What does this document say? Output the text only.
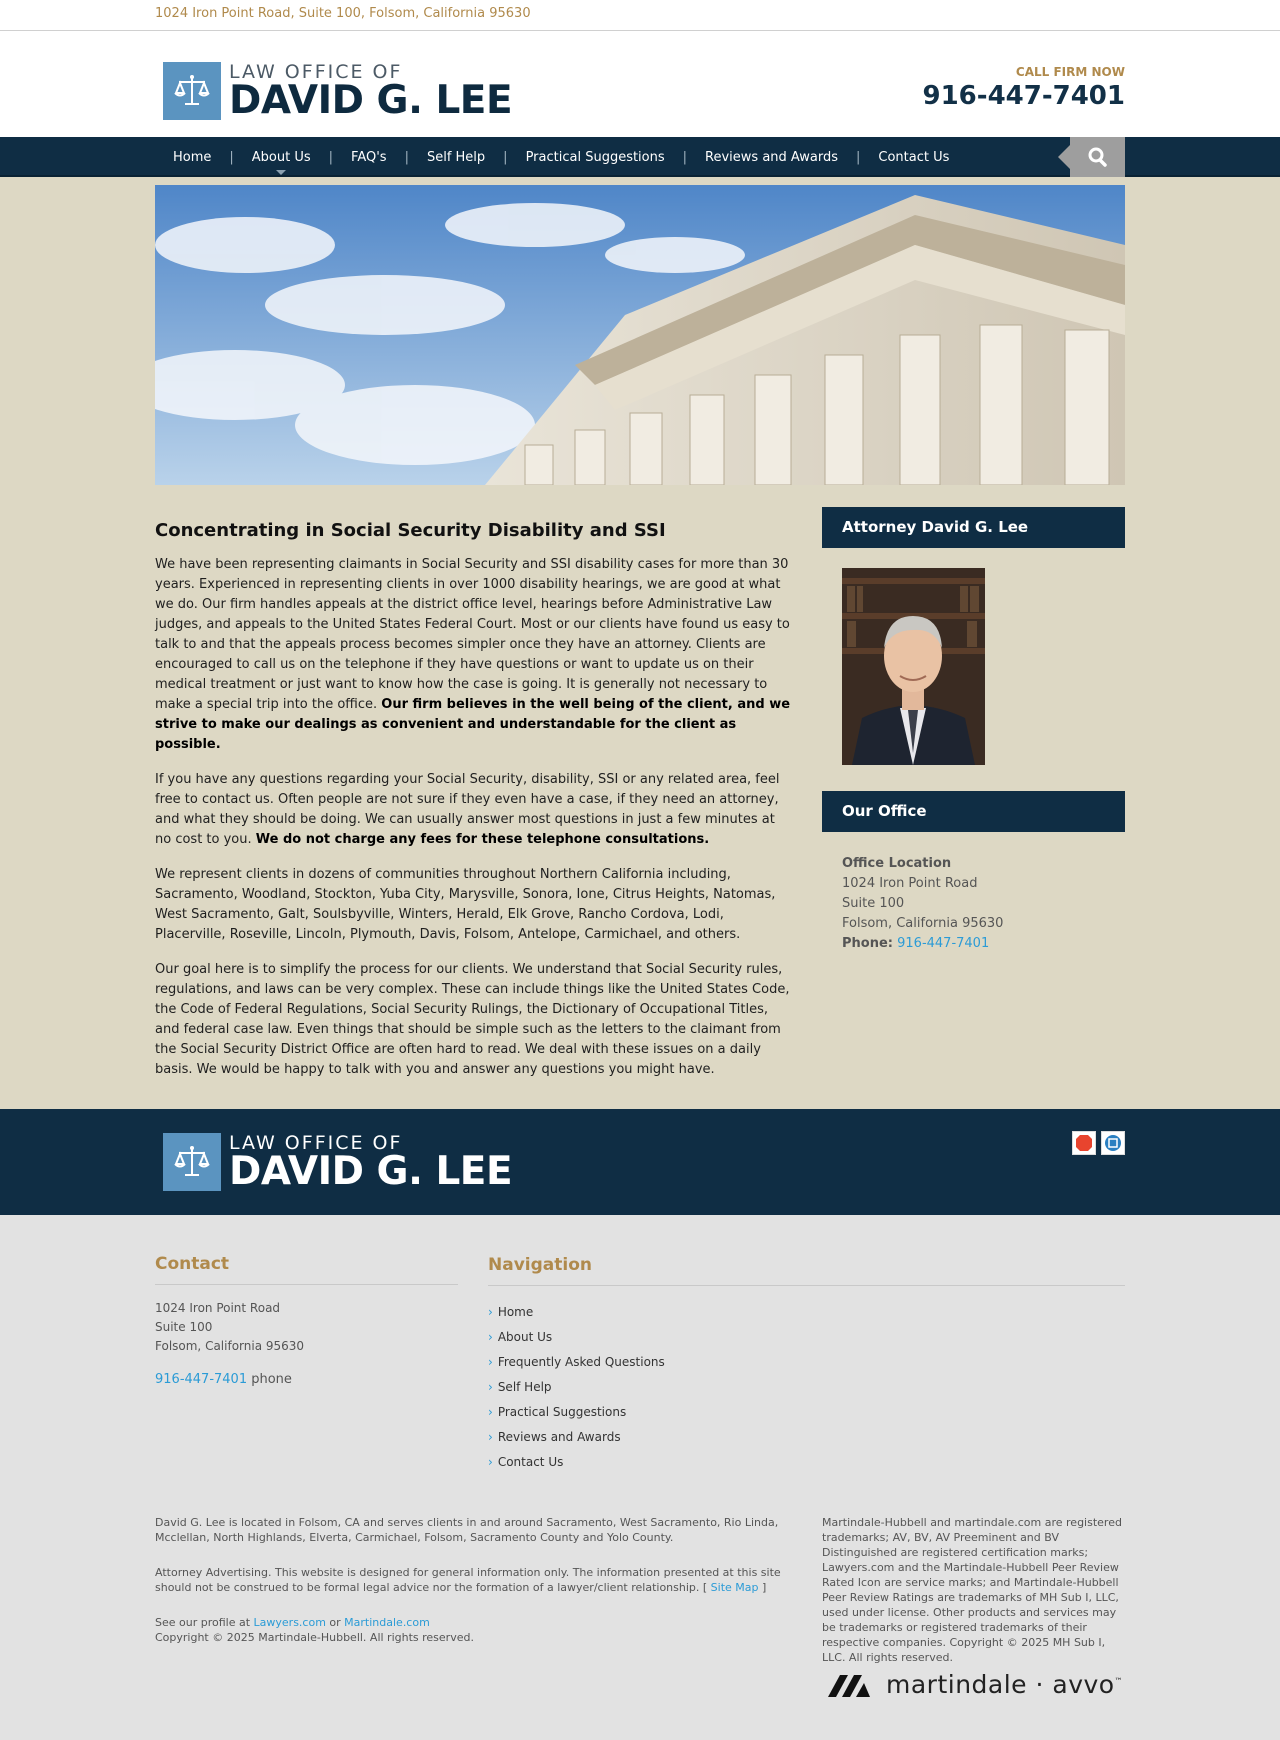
1024 Iron Point Road, Suite 100, Folsom, California 95630
LAW OFFICE OF
DAVID G. LEE
CALL FIRM NOW
916-447-7401
Home	|	About Us	|	FAQ's	|	Self Help	|	Practical Suggestions	|	Reviews and Awards	|	Contact Us
Concentrating in Social Security Disability and SSI

We have been representing claimants in Social Security and SSI disability cases for more than 30 years. Experienced in representing clients in over 1000 disability hearings, we are good at what we do. Our firm handles appeals at the district office level, hearings before Administrative Law judges, and appeals to the United States Federal Court. Most or our clients have found us easy to talk to and that the appeals process becomes simpler once they have an attorney. Clients are encouraged to call us on the telephone if they have questions or want to update us on their medical treatment or just want to know how the case is going. It is generally not necessary to make a special trip into the office. Our firm believes in the well being of the client, and we strive to make our dealings as convenient and understandable for the client as possible.

If you have any questions regarding your Social Security, disability, SSI or any related area, feel free to contact us. Often people are not sure if they even have a case, if they need an attorney, and what they should be doing. We can usually answer most questions in just a few minutes at no cost to you. We do not charge any fees for these telephone consultations.

We represent clients in dozens of communities throughout Northern California including, Sacramento, Woodland, Stockton, Yuba City, Marysville, Sonora, Ione, Citrus Heights, Natomas, West Sacramento, Galt, Soulsbyville, Winters, Herald, Elk Grove, Rancho Cordova, Lodi, Placerville, Roseville, Lincoln, Plymouth, Davis, Folsom, Antelope, Carmichael, and others.

Our goal here is to simplify the process for our clients. We understand that Social Security rules, regulations, and laws can be very complex. These can include things like the United States Code, the Code of Federal Regulations, Social Security Rulings, the Dictionary of Occupational Titles, and federal case law. Even things that should be simple such as the letters to the claimant from the Social Security District Office are often hard to read. We deal with these issues on a daily basis. We would be happy to talk with you and answer any questions you might have.

Attorney David G. Lee
Our Office
Office Location
1024 Iron Point Road
Suite 100
Folsom, California 95630
Phone: 916-447-7401
LAW OFFICE OF
DAVID G. LEE
Contact
1024 Iron Point Road
Suite 100
Folsom, California 95630
916-447-7401 phone
Navigation
› Home
› About Us
› Frequently Asked Questions
› Self Help
› Practical Suggestions
› Reviews and Awards
› Contact Us

David G. Lee is located in Folsom, CA and serves clients in and around Sacramento, West Sacramento, Rio Linda, Mcclellan, North Highlands, Elverta, Carmichael, Folsom, Sacramento County and Yolo County.

Attorney Advertising. This website is designed for general information only. The information presented at this site should not be construed to be formal legal advice nor the formation of a lawyer/client relationship. [ Site Map ]

See our profile at Lawyers.com or Martindale.com
Copyright © 2025 Martindale-Hubbell. All rights reserved.

Martindale-Hubbell and martindale.com are registered trademarks; AV, BV, AV Preeminent and BV Distinguished are registered certification marks; Lawyers.com and the Martindale-Hubbell Peer Review Rated Icon are service marks; and Martindale-Hubbell Peer Review Ratings are trademarks of MH Sub I, LLC, used under license. Other products and services may be trademarks or registered trademarks of their respective companies. Copyright © 2025 MH Sub I, LLC. All rights reserved.
martindale · avvo™
